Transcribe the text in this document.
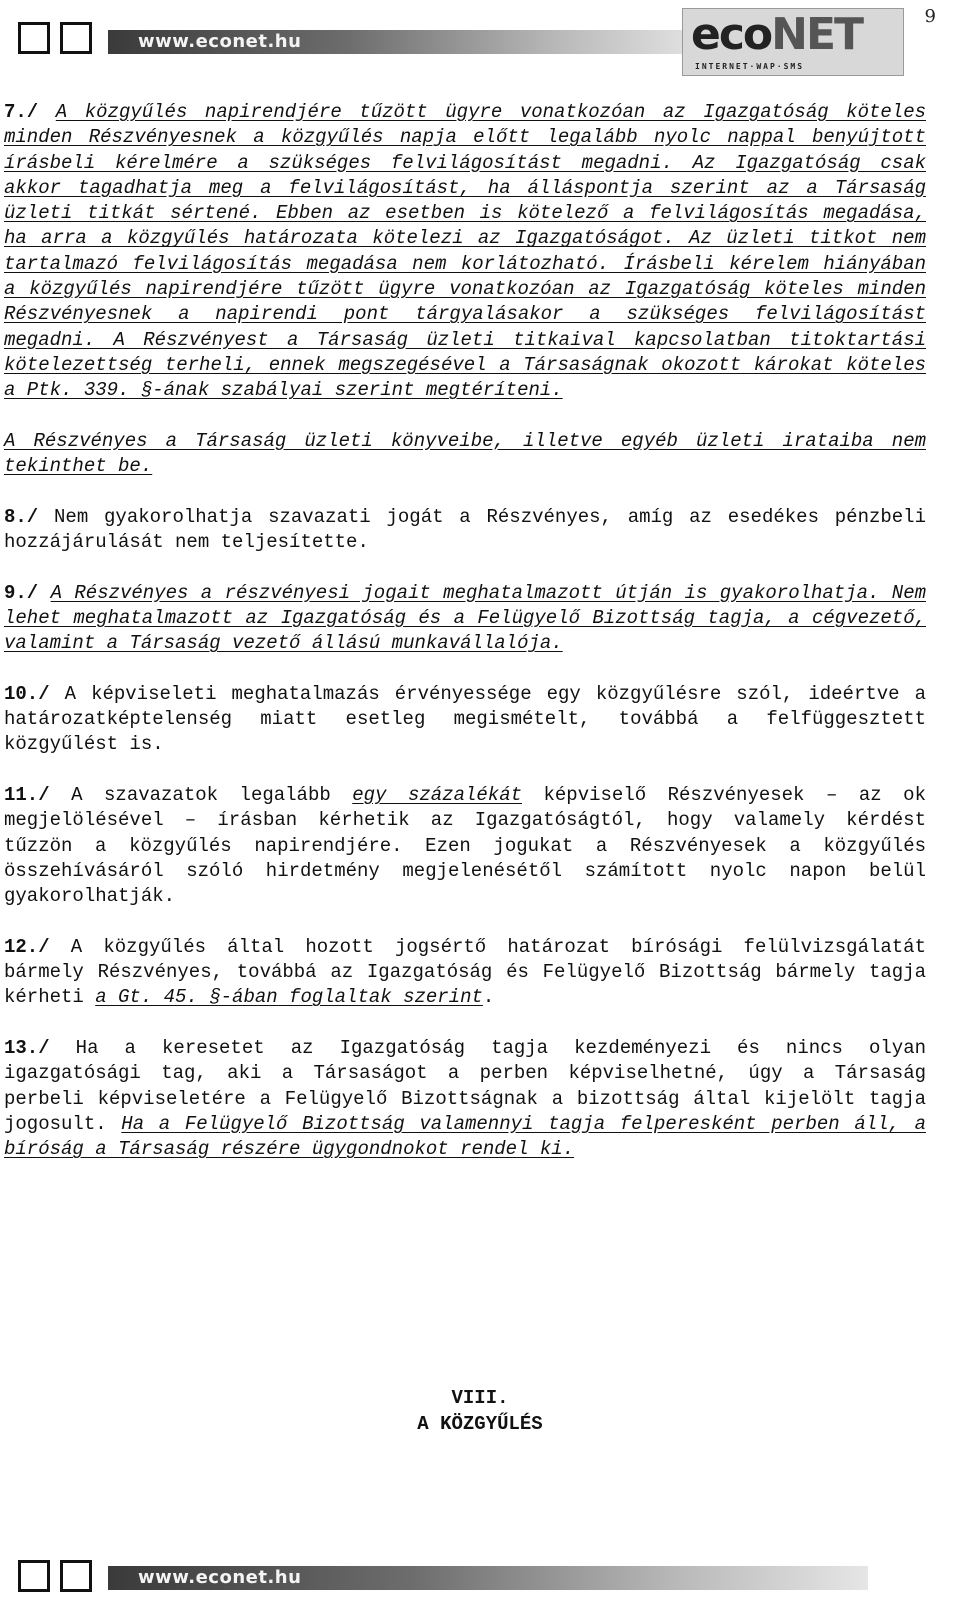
9
www.econet.hu	ecoNET
INTERNET·WAP·SMS

7./ A közgyűlés napirendjére tűzött ügyre vonatkozóan az Igazgatóság köteles minden Részvényesnek a közgyűlés napja előtt legalább nyolc nappal benyújtott írásbeli kérelmére a szükséges felvilágosítást megadni. Az Igazgatóság csak akkor tagadhatja meg a felvilágosítást, ha álláspontja szerint az a Társaság üzleti titkát sértené. Ebben az esetben is kötelező a felvilágosítás megadása, ha arra a közgyűlés határozata kötelezi az Igazgatóságot. Az üzleti titkot nem tartalmazó felvilágosítás megadása nem korlátozható. Írásbeli kérelem hiányában a közgyűlés napirendjére tűzött ügyre vonatkozóan az Igazgatóság köteles minden Részvényesnek a napirendi pont tárgyalásakor a szükséges felvilágosítást megadni. A Részvényest a Társaság üzleti titkaival kapcsolatban titoktartási kötelezettség terheli, ennek megszegésével a Társaságnak okozott károkat köteles a Ptk. 339. §-ának szabályai szerint megtéríteni.

A Részvényes a Társaság üzleti könyveibe, illetve egyéb üzleti irataiba nem tekinthet be.

8./ Nem gyakorolhatja szavazati jogát a Részvényes, amíg az esedékes pénzbeli hozzájárulását nem teljesítette.

9./ A Részvényes a részvényesi jogait meghatalmazott útján is gyakorolhatja. Nem lehet meghatalmazott az Igazgatóság és a Felügyelő Bizottság tagja, a cégvezető, valamint a Társaság vezető állású munkavállalója.

10./ A képviseleti meghatalmazás érvényessége egy közgyűlésre szól, ideértve a határozatképtelenség miatt esetleg megismételt, továbbá a felfüggesztett közgyűlést is.

11./ A szavazatok legalább egy százalékát képviselő Részvényesek – az ok megjelölésével – írásban kérhetik az Igazgatóságtól, hogy valamely kérdést tűzzön a közgyűlés napirendjére. Ezen jogukat a Részvényesek a közgyűlés összehívásáról szóló hirdetmény megjelenésétől számított nyolc napon belül gyakorolhatják.

12./ A közgyűlés által hozott jogsértő határozat bírósági felülvizsgálatát bármely Részvényes, továbbá az Igazgatóság és Felügyelő Bizottság bármely tagja kérheti a Gt. 45. §-ában foglaltak szerint.

13./ Ha a keresetet az Igazgatóság tagja kezdeményezi és nincs olyan igazgatósági tag, aki a Társaságot a perben képviselhetné, úgy a Társaság perbeli képviseletére a Felügyelő Bizottságnak a bizottság által kijelölt tagja jogosult. Ha a Felügyelő Bizottság valamennyi tagja felperesként perben áll, a bíróság a Társaság részére ügygondnokot rendel ki.

VIII.
A KÖZGYŰLÉS
www.econet.hu
